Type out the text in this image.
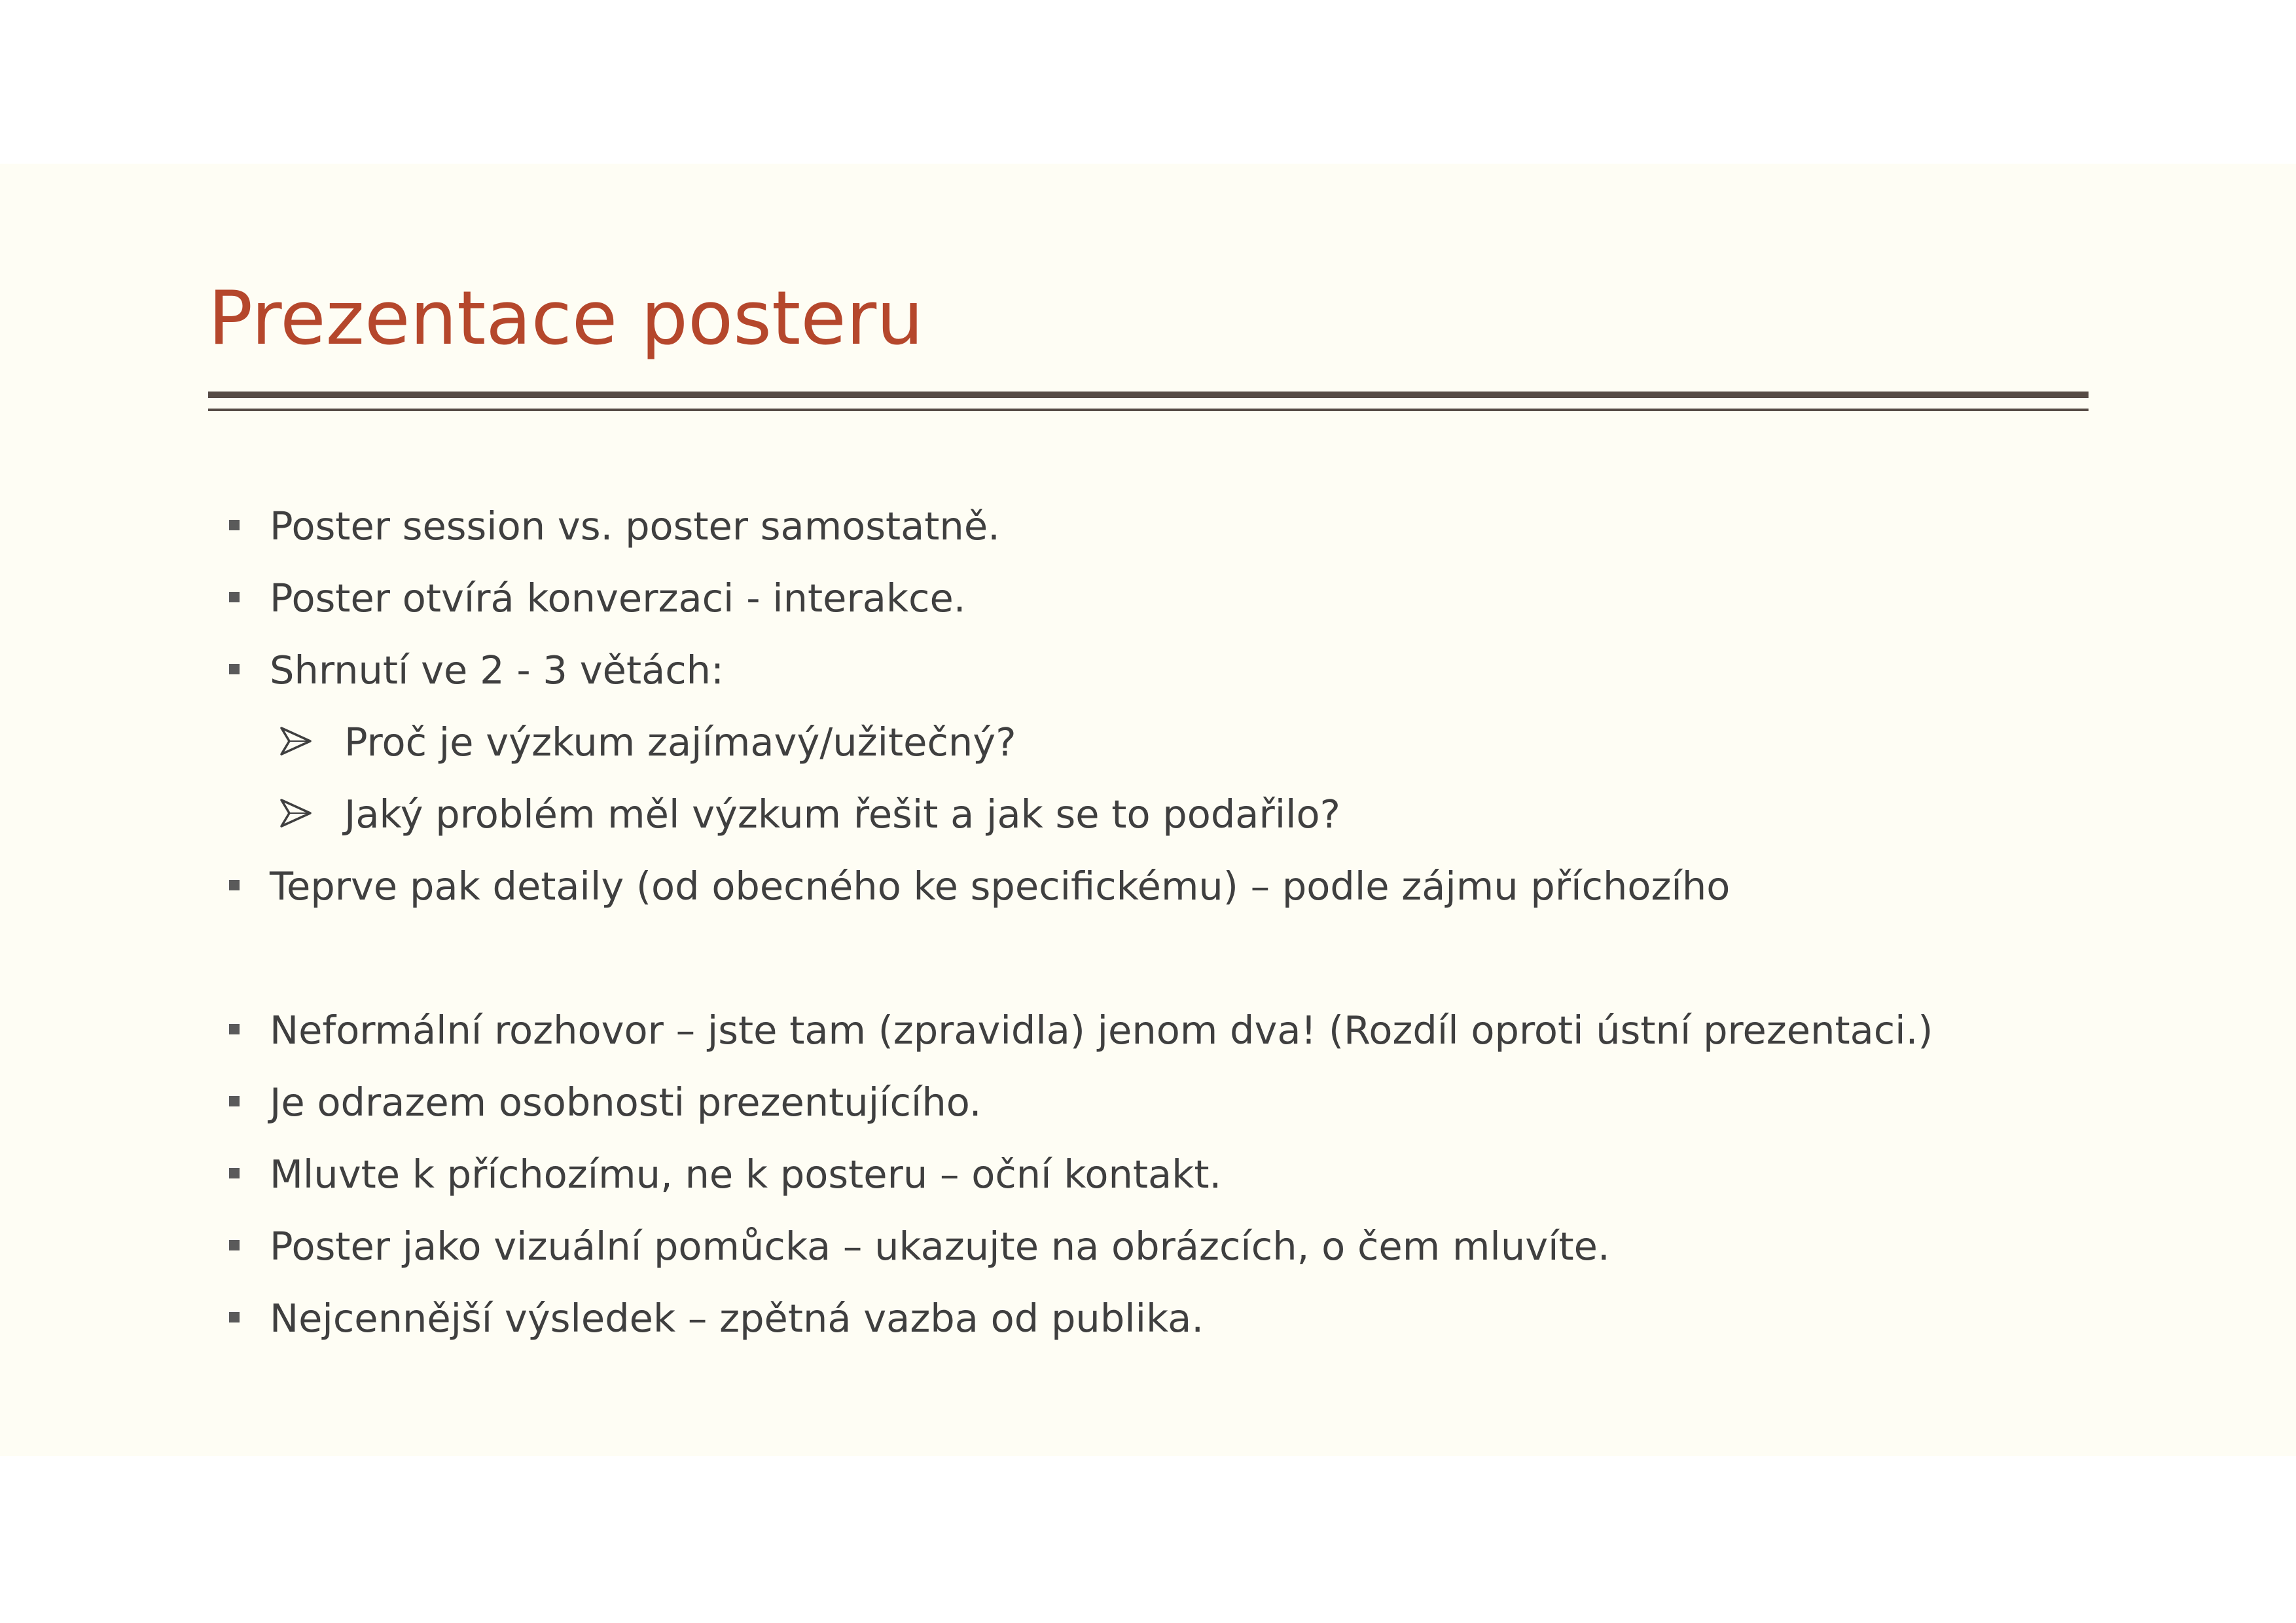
Prezentace posteru
Poster session vs. poster samostatně.
Poster otvírá konverzaci - interakce.
Shrnutí ve 2 - 3 větách:
Proč je výzkum zajímavý/užitečný?
Jaký problém měl výzkum řešit a jak se to podařilo?
Teprve pak detaily (od obecného ke specifickému) – podle zájmu příchozího
Neformální rozhovor – jste tam (zpravidla) jenom dva! (Rozdíl oproti ústní prezentaci.)
Je odrazem osobnosti prezentujícího.
Mluvte k příchozímu, ne k posteru – oční kontakt.
Poster jako vizuální pomůcka – ukazujte na obrázcích, o čem mluvíte.
Nejcennější výsledek – zpětná vazba od publika.
